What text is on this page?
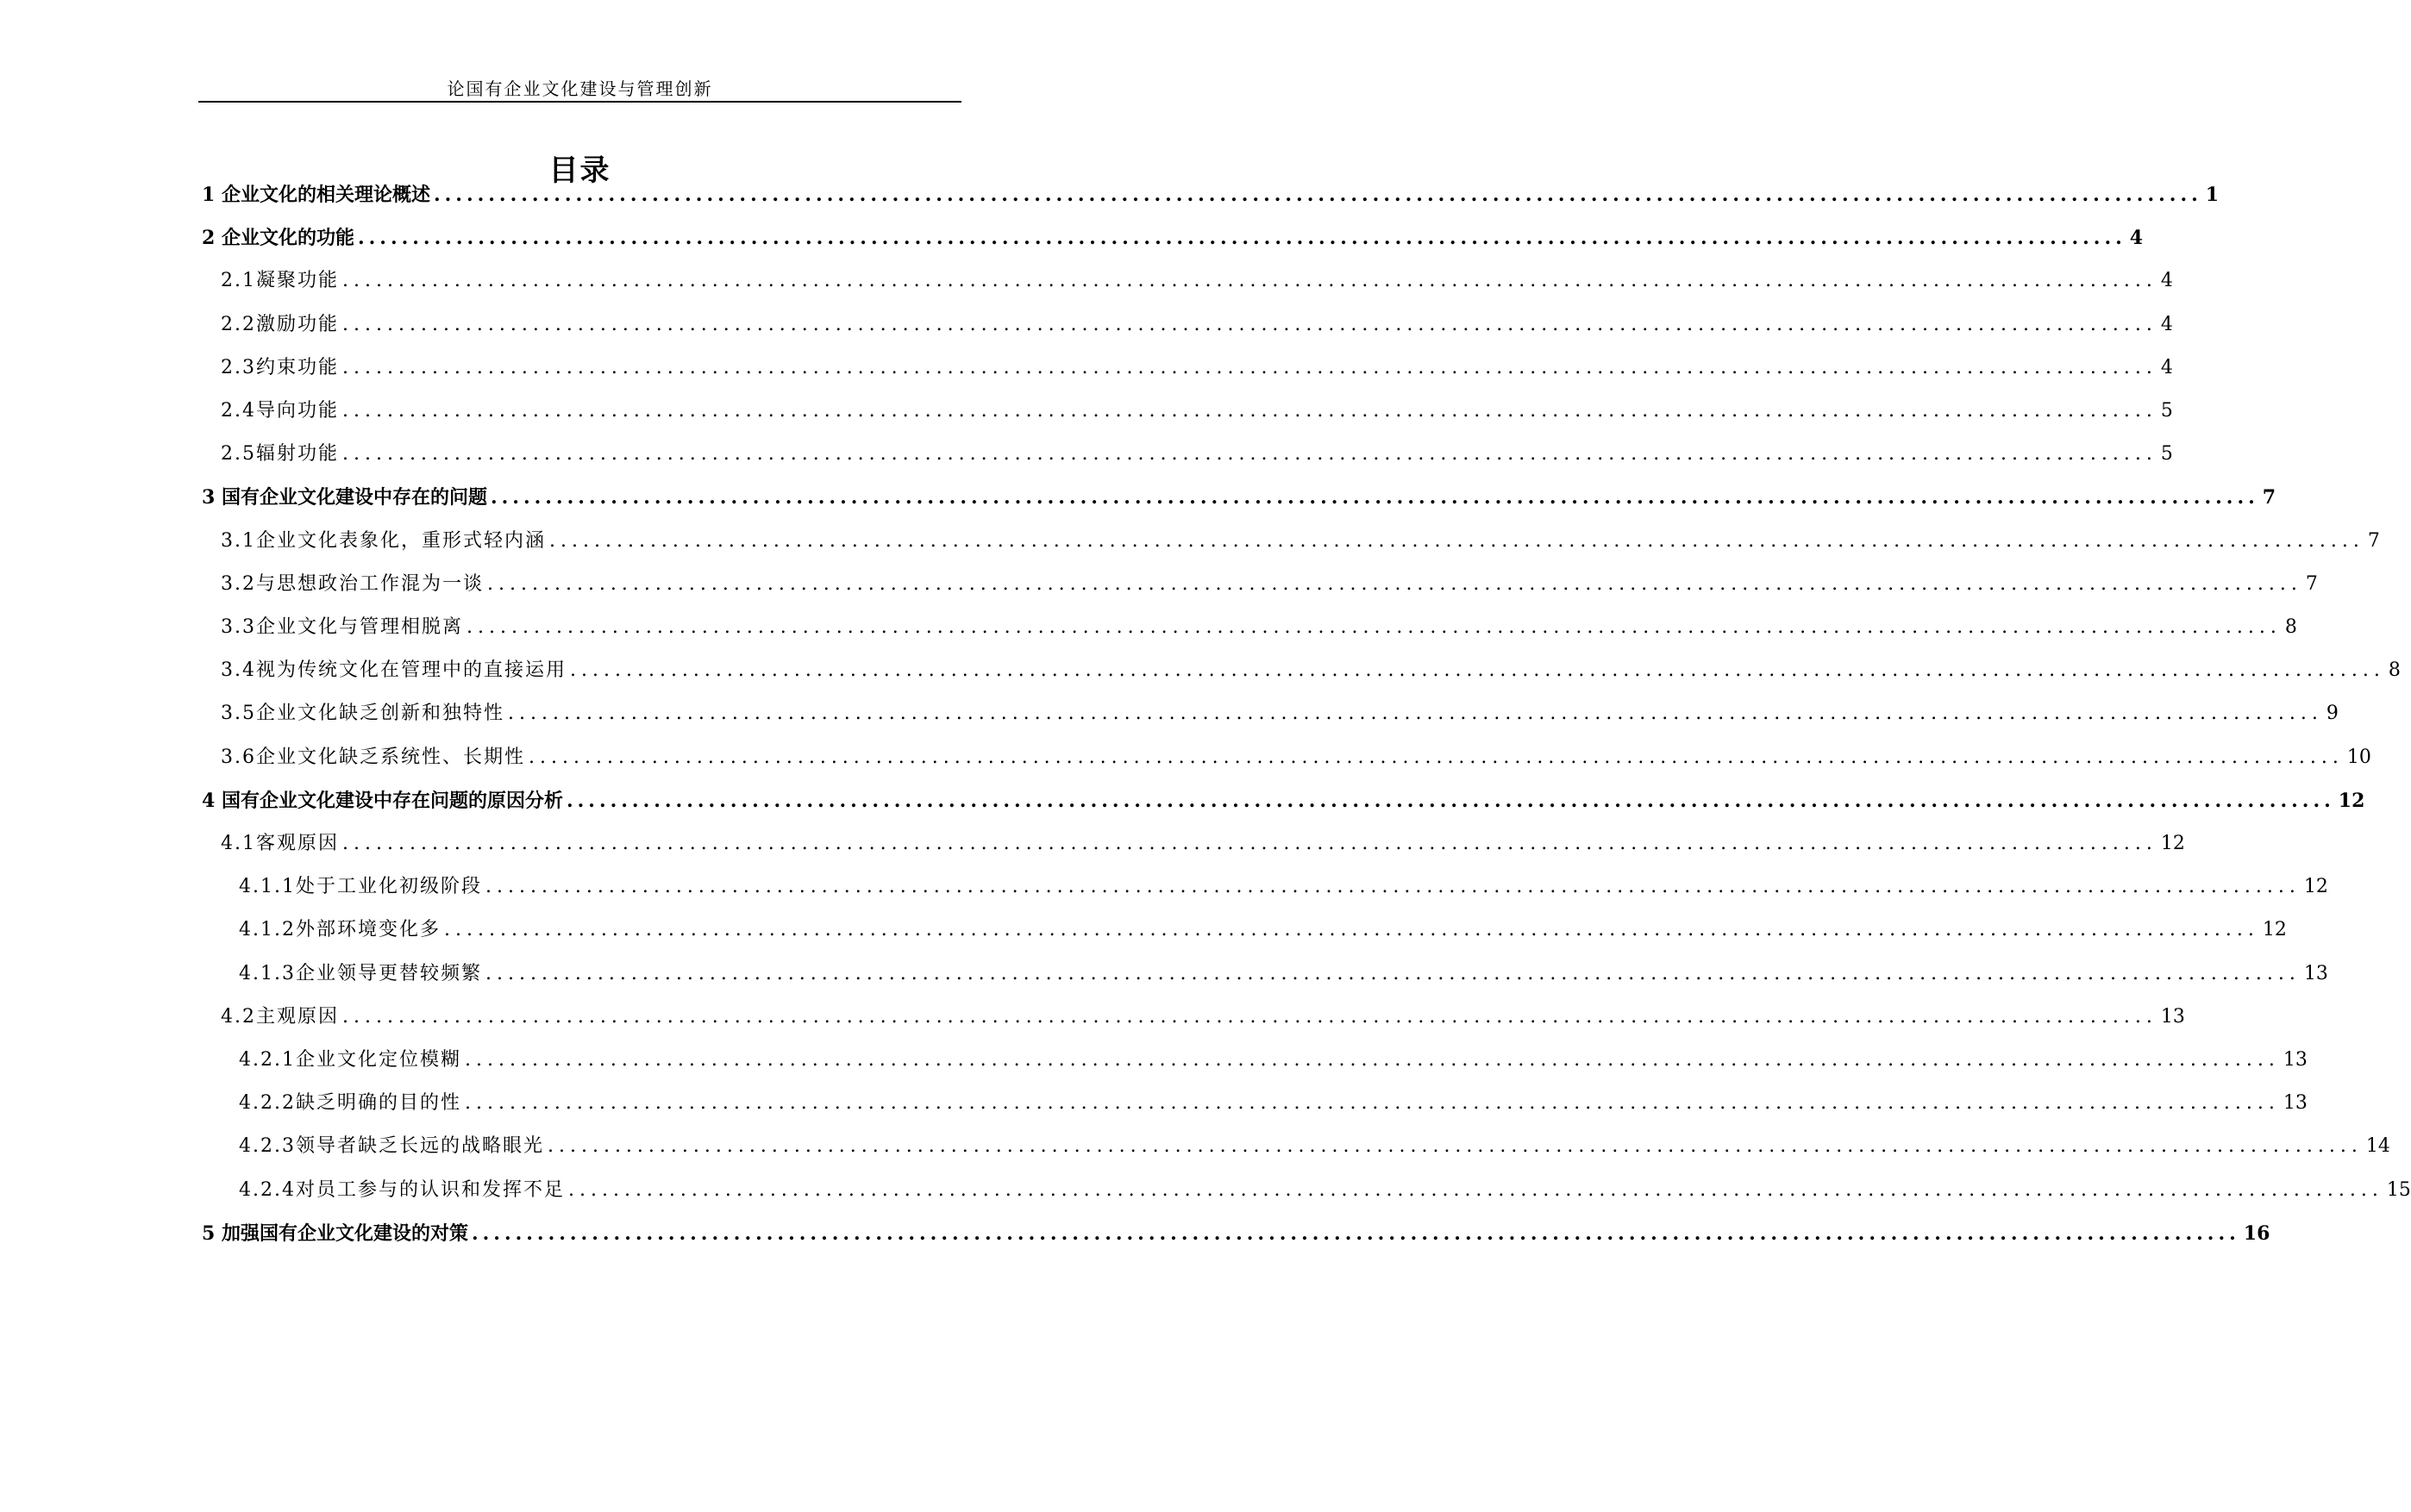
论国有企业文化建设与管理创新
目录
1 企业文化的相关理论概述 .................................................................................................................................................................. 1
2 企业文化的功能 .................................................................................................................................................................. 4
2.1凝聚功能 .................................................................................................................................................................. 4
2.2激励功能 .................................................................................................................................................................. 4
2.3约束功能 .................................................................................................................................................................. 4
2.4导向功能 .................................................................................................................................................................. 5
2.5辐射功能 .................................................................................................................................................................. 5
3 国有企业文化建设中存在的问题 .................................................................................................................................................................. 7
3.1企业文化表象化，重形式轻内涵 .................................................................................................................................................................. 7
3.2与思想政治工作混为一谈 .................................................................................................................................................................. 7
3.3企业文化与管理相脱离 .................................................................................................................................................................. 8
3.4视为传统文化在管理中的直接运用 .................................................................................................................................................................. 8
3.5企业文化缺乏创新和独特性 .................................................................................................................................................................. 9
3.6企业文化缺乏系统性、长期性 .................................................................................................................................................................. 10
4 国有企业文化建设中存在问题的原因分析 .................................................................................................................................................................. 12
4.1客观原因 .................................................................................................................................................................. 12
4.1.1处于工业化初级阶段 .................................................................................................................................................................. 12
4.1.2外部环境变化多 .................................................................................................................................................................. 12
4.1.3企业领导更替较频繁 .................................................................................................................................................................. 13
4.2主观原因 .................................................................................................................................................................. 13
4.2.1企业文化定位模糊 .................................................................................................................................................................. 13
4.2.2缺乏明确的目的性 .................................................................................................................................................................. 13
4.2.3领导者缺乏长远的战略眼光 .................................................................................................................................................................. 14
4.2.4对员工参与的认识和发挥不足 .................................................................................................................................................................. 15
5 加强国有企业文化建设的对策 .................................................................................................................................................................. 16
